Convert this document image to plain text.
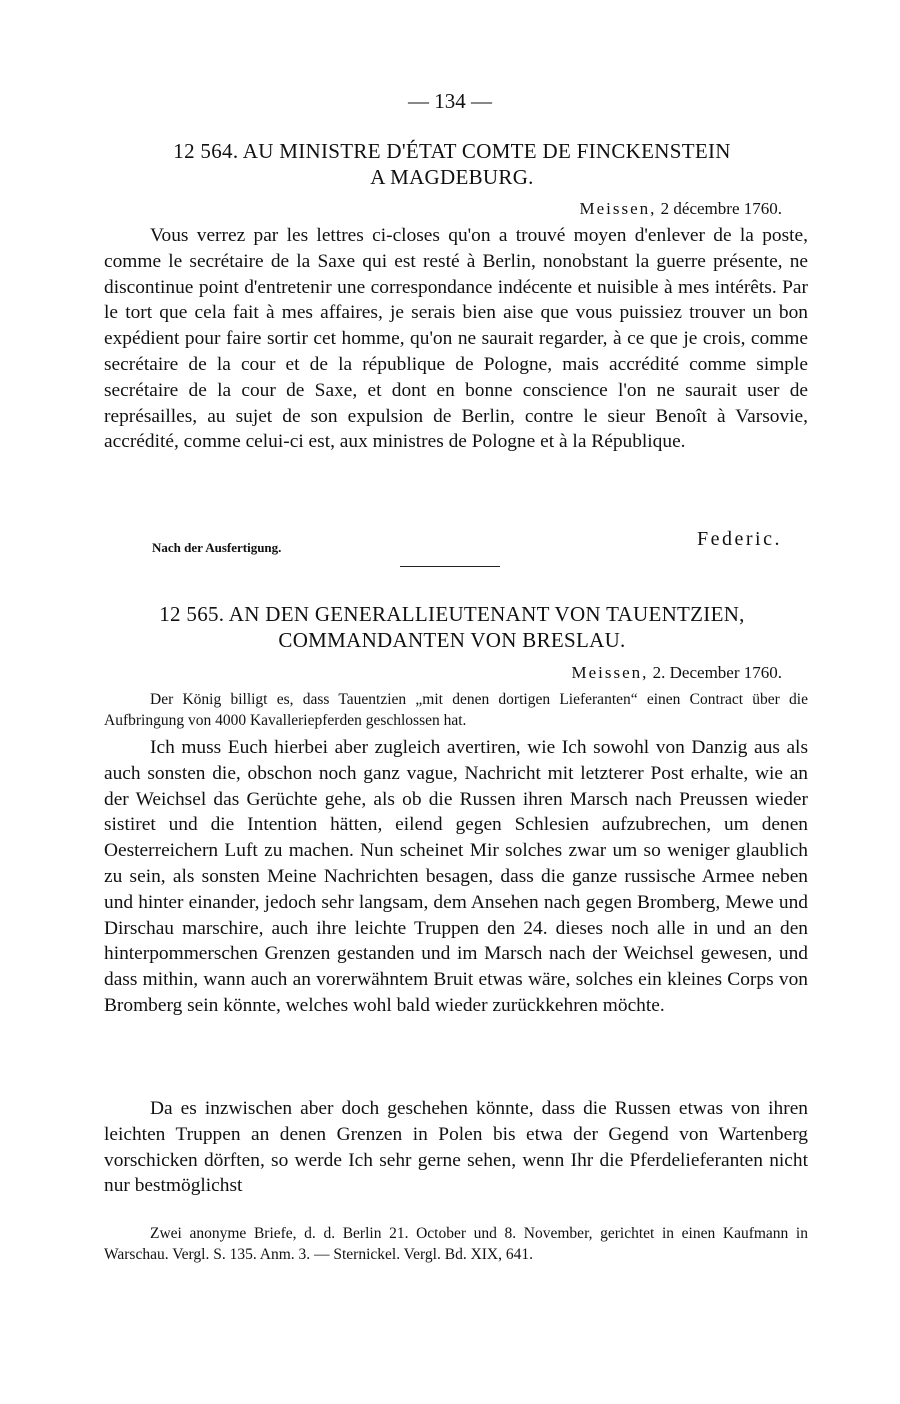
— 134 —
12 564. AU MINISTRE D'ÉTAT COMTE DE FINCKENSTEIN
A MAGDEBURG.
Meissen, 2 décembre 1760.

Vous verrez par les lettres ci-closes qu'on a trouvé moyen d'enlever de la poste, comme le secrétaire de la Saxe qui est resté à Berlin, nonobstant la guerre présente, ne discontinue point d'entretenir une correspondance indécente et nuisible à mes intérêts. Par le tort que cela fait à mes affaires, je serais bien aise que vous puissiez trouver un bon expédient pour faire sortir cet homme, qu'on ne saurait regarder, à ce que je crois, comme secrétaire de la cour et de la république de Pologne, mais accrédité comme simple secrétaire de la cour de Saxe, et dont en bonne conscience l'on ne saurait user de représailles, au sujet de son expulsion de Berlin, contre le sieur Benoît à Varsovie, accrédité, comme celui-ci est, aux ministres de Pologne et à la République.

Nach der Ausfertigung.	Federic.
12 565. AN DEN GENERALLIEUTENANT VON TAUENTZIEN,
COMMANDANTEN VON BRESLAU.
Meissen, 2. December 1760.

Der König billigt es, dass Tauentzien „mit denen dortigen Lieferanten“ einen Contract über die Aufbringung von 4000 Kavalleriepferden geschlossen hat.

Ich muss Euch hierbei aber zugleich avertiren, wie Ich sowohl von Danzig aus als auch sonsten die, obschon noch ganz vague, Nachricht mit letzterer Post erhalte, wie an der Weichsel das Gerüchte gehe, als ob die Russen ihren Marsch nach Preussen wieder sistiret und die Intention hätten, eilend gegen Schlesien aufzubrechen, um denen Oesterreichern Luft zu machen. Nun scheinet Mir solches zwar um so weniger glaublich zu sein, als sonsten Meine Nachrichten besagen, dass die ganze russische Armee neben und hinter einander, jedoch sehr langsam, dem Ansehen nach gegen Bromberg, Mewe und Dirschau marschire, auch ihre leichte Truppen den 24. dieses noch alle in und an den hinterpommerschen Grenzen gestanden und im Marsch nach der Weichsel gewesen, und dass mithin, wann auch an vorerwähntem Bruit etwas wäre, solches ein kleines Corps von Bromberg sein könnte, welches wohl bald wieder zurückkehren möchte.

Da es inzwischen aber doch geschehen könnte, dass die Russen etwas von ihren leichten Truppen an denen Grenzen in Polen bis etwa der Gegend von Wartenberg vorschicken dörften, so werde Ich sehr gerne sehen, wenn Ihr die Pferdelieferanten nicht nur bestmöglichst

Zwei anonyme Briefe, d. d. Berlin 21. October und 8. November, gerichtet in einen Kaufmann in Warschau. Vergl. S. 135. Anm. 3. — Sternickel. Vergl. Bd. XIX, 641.
